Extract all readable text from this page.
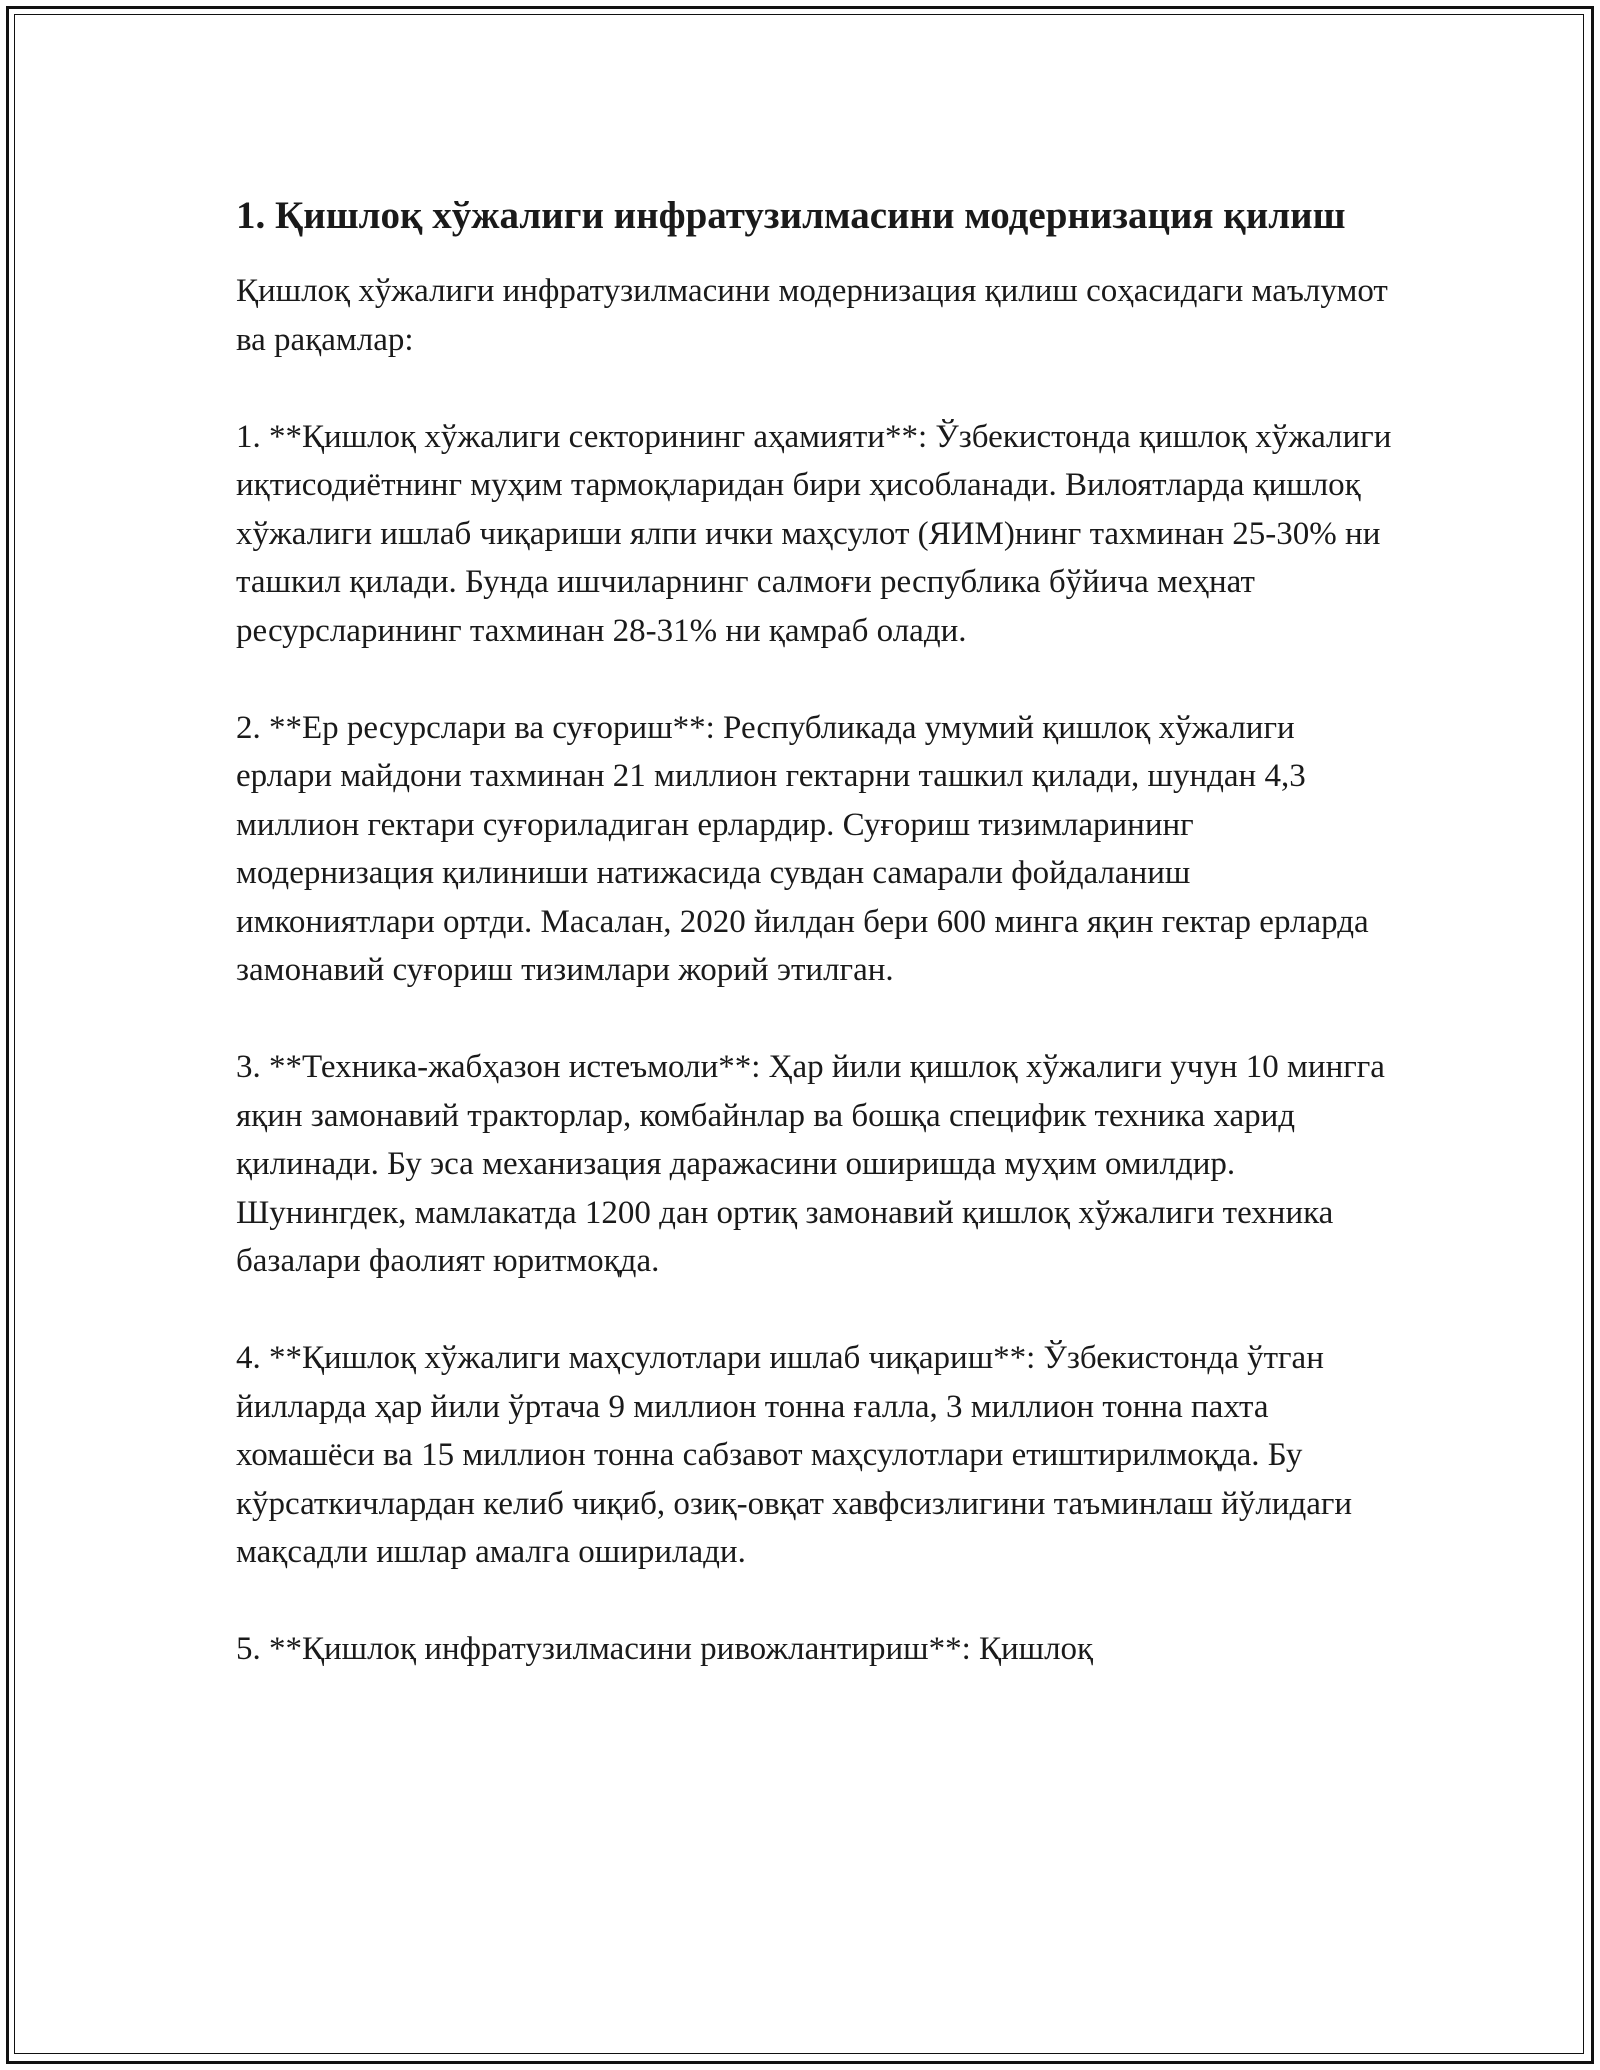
1. Қишлоқ хўжалиги инфратузилмасини модернизация қилиш

Қишлоқ хўжалиги инфратузилмасини модернизация қилиш соҳасидаги маълумот ва рақамлар:

1. **Қишлоқ хўжалиги секторининг аҳамияти**: Ўзбекистонда қишлоқ хўжалиги иқтисодиётнинг муҳим тармоқларидан бири ҳисобланади. Вилоятларда қишлоқ хўжалиги ишлаб чиқариши ялпи ички маҳсулот (ЯИМ)нинг тахминан 25-30% ни ташкил қилади. Бунда ишчиларнинг салмоғи республика бўйича меҳнат ресурсларининг тахминан 28-31% ни қамраб олади.

2. **Ер ресурслари ва суғориш**: Республикада умумий қишлоқ хўжалиги ерлари майдони тахминан 21 миллион гектарни ташкил қилади, шундан 4,3 миллион гектари суғориладиган ерлардир. Суғориш тизимларининг модернизация қилиниши натижасида сувдан самарали фойдаланиш имкониятлари ортди. Масалан, 2020 йилдан бери 600 минга яқин гектар ерларда замонавий суғориш тизимлари жорий этилган.

3. **Техника-жабҳазон истеъмоли**: Ҳар йили қишлоқ хўжалиги учун 10 мингга яқин замонавий тракторлар, комбайнлар ва бошқа специфик техника харид қилинади. Бу эса механизация даражасини оширишда муҳим омилдир. Шунингдек, мамлакатда 1200 дан ортиқ замонавий қишлоқ хўжалиги техника базалари фаолият юритмоқда.

4. **Қишлоқ хўжалиги маҳсулотлари ишлаб чиқариш**: Ўзбекистонда ўтган йилларда ҳар йили ўртача 9 миллион тонна ғалла, 3 миллион тонна пахта хомашёси ва 15 миллион тонна сабзавот маҳсулотлари етиштирилмоқда. Бу кўрсаткичлардан келиб чиқиб, озиқ-овқат хавфсизлигини таъминлаш йўлидаги мақсадли ишлар амалга оширилади.

5. **Қишлоқ инфратузилмасини ривожлантириш**: Қишлоқ
